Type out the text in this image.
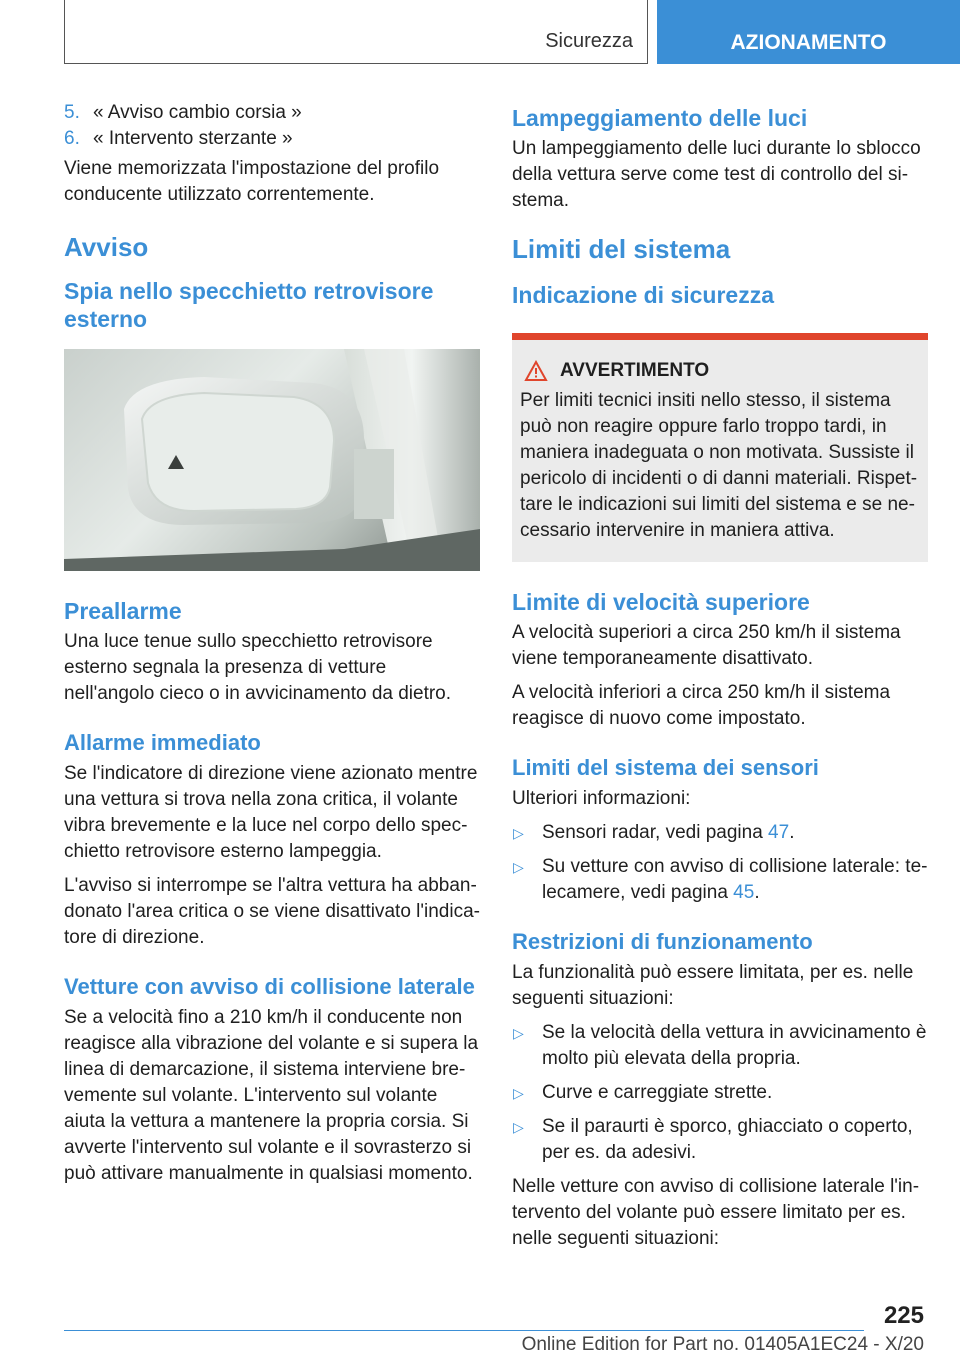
Sicurezza	AZIONAMENTO
5. « Avviso cambio corsia »
6. « Intervento sterzante »

Viene memorizzata l'impostazione del profilo conducente utilizzato correntemente.

Avviso
Spia nello specchietto retrovisore esterno
Preallarme

Una luce tenue sullo specchietto retrovisore esterno segnala la presenza di vetture nell'angolo cieco o in avvicinamento da dietro.

Allarme immediato

Se l'indicatore di direzione viene azionato mentre una vettura si trova nella zona critica, il volante vibra brevemente e la luce nel corpo dello specchietto retrovisore esterno lampeggia.

L'avviso si interrompe se l'altra vettura ha abbandonato l'area critica o se viene disattivato l'indicatore di direzione.

Vetture con avviso di collisione laterale

Se a velocità fino a 210 km/h il conducente non reagisce alla vibrazione del volante e si supera la linea di demarcazione, il sistema interviene brevemente sul volante. L'intervento sul volante aiuta la vettura a mantenere la propria corsia. Si avverte l'intervento sul volante e il sovrasterzo si può attivare manualmente in qualsiasi momento.

Lampeggiamento delle luci

Un lampeggiamento delle luci durante lo sblocco della vettura serve come test di controllo del sistema.

Limiti del sistema
Indicazione di sicurezza
AVVERTIMENTO
Per limiti tecnici insiti nello stesso, il sistema può non reagire oppure farlo troppo tardi, in maniera inadeguata o non motivata. Sussiste il pericolo di incidenti o di danni materiali. Rispettare le indicazioni sui limiti del sistema e se necessario intervenire in maniera attiva.
Limite di velocità superiore

A velocità superiori a circa 250 km/h il sistema viene temporaneamente disattivato.

A velocità inferiori a circa 250 km/h il sistema reagisce di nuovo come impostato.

Limiti del sistema dei sensori

Ulteriori informazioni:

▷ Sensori radar, vedi pagina 47.
▷ Su vetture con avviso di collisione laterale: telecamere, vedi pagina 45.
Restrizioni di funzionamento

La funzionalità può essere limitata, per es. nelle seguenti situazioni:

▷ Se la velocità della vettura in avvicinamento è molto più elevata della propria.
▷ Curve e carreggiate strette.
▷ Se il paraurti è sporco, ghiacciato o coperto, per es. da adesivi.

Nelle vetture con avviso di collisione laterale l'intervento del volante può essere limitato per es. nelle seguenti situazioni:

225
Online Edition for Part no. 01405A1EC24 - X/20
